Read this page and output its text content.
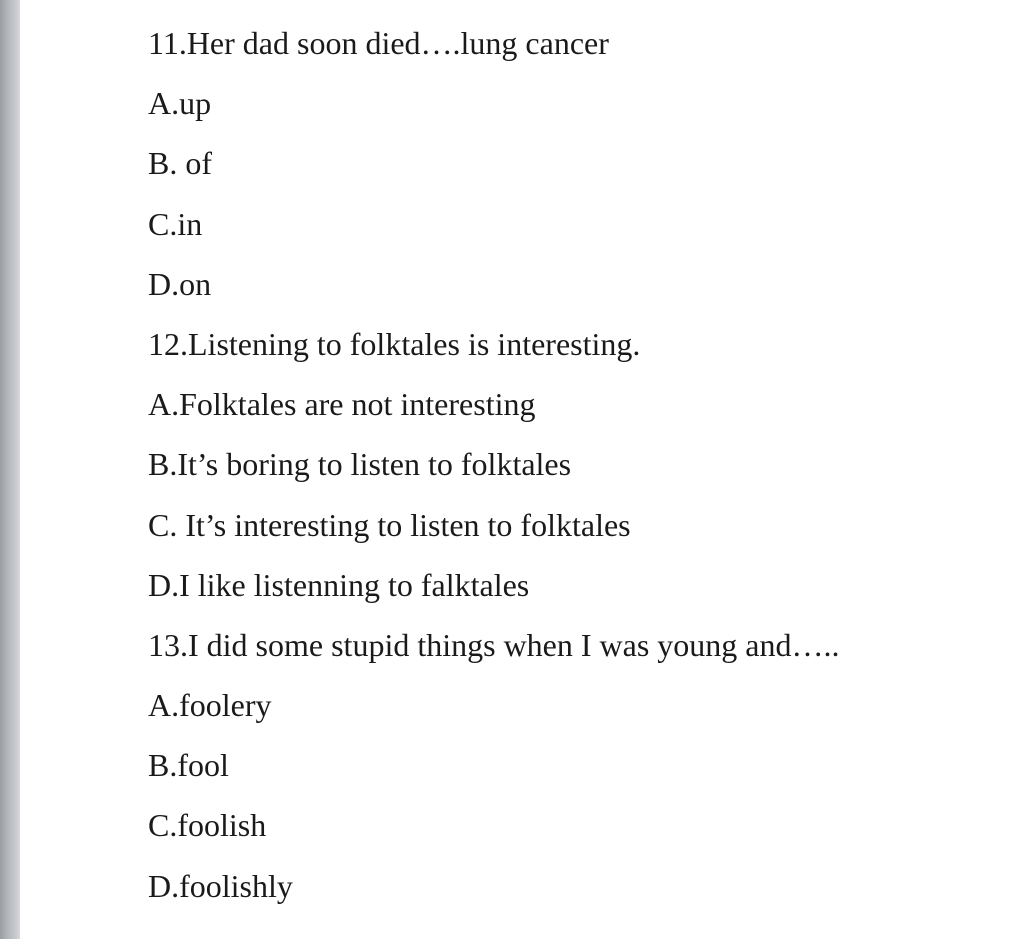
11.Her dad soon died….lung cancer
A.up
B. of
C.in
D.on
12.Listening to folktales is interesting.
A.Folktales are not interesting
B.It’s boring to listen to folktales
C. It’s interesting to listen to folktales
D.I like listenning to falktales
13.I did some stupid things when I was young and…..
A.foolery
B.fool
C.foolish
D.foolishly
